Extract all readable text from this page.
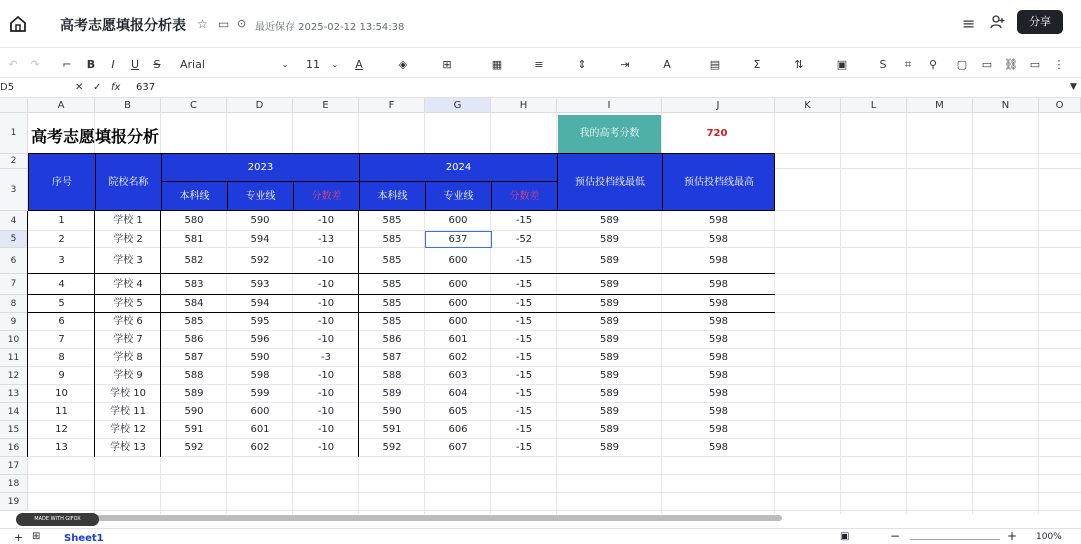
高考志愿填报分析表 ☆ ▭ ⊙ 最近保存 2025-02-12 13:54:38	≡	分享
↶ ↷ ⌐ B	I	U	S	Arial	⌄ 11 ⌄ A	◈	⊞	▦	≡	⇕	⇥	A	▤	Σ	⇅	▣	S	⌗	⚲ ▢ ▭ ⛓ ▭ ⋮
D5	✕ ✓ fx 637	▼
A	B	C	D	E	F	G	H	I	J	K	L	M	N	O
1
2
3
4
5
6
7
8
9
10
11
12
13
14
15
16
17
18
19
高考志愿填报分析	我的高考分数	720
序号	院校名称
2023	2024
本科线	专业线	分数差	本科线	专业线	分数差
预估投档线最低	预估投档线最高
1	学校 1	580	590	-10	585	600	-15	589	598
2	学校 2	581	594	-13	585	637	-52	589	598
3	学校 3	582	592	-10	585	600	-15	589	598
4	学校 4	583	593	-10	585	600	-15	589	598
5	学校 5	584	594	-10	585	600	-15	589	598
6	学校 6	585	595	-10	585	600	-15	589	598
7	学校 7	586	596	-10	586	601	-15	589	598
8	学校 8	587	590	-3	587	602	-15	589	598
9	学校 9	588	598	-10	588	603	-15	589	598
10	学校 10	589	599	-10	589	604	-15	589	598
11	学校 11	590	600	-10	590	605	-15	589	598
12	学校 12	591	601	-10	591	606	-15	589	598
13	学校 13	592	602	-10	592	607	-15	589	598
MADE WITH GIFOX
+ ⊞ Sheet1	▣	−	+ 100%
